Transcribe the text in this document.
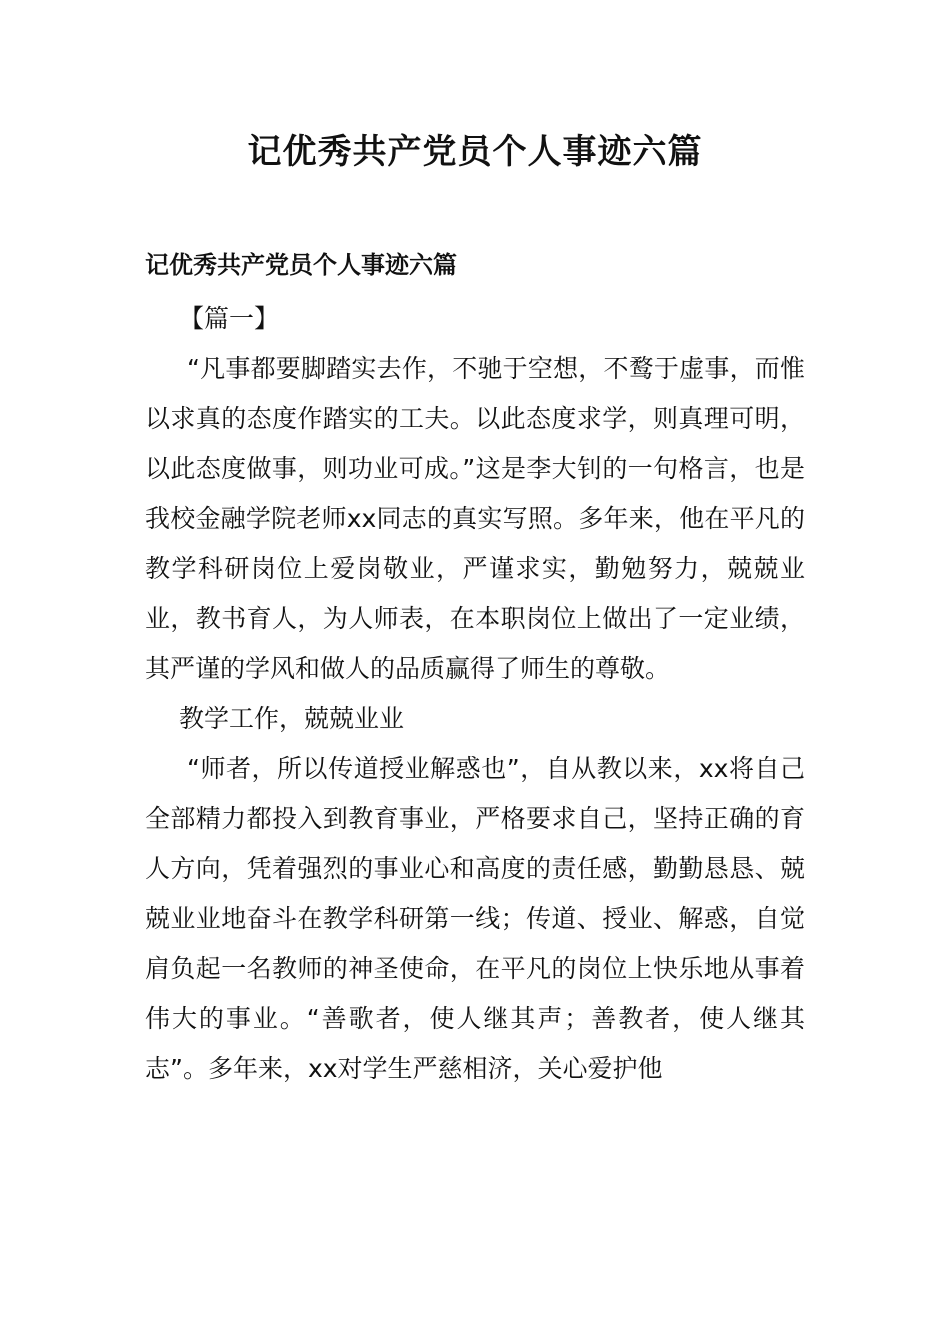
记优秀共产党员个人事迹六篇

记优秀共产党员个人事迹六篇

【篇一】

“凡事都要脚踏实去作，不驰于空想，不鹜于虚事，而惟以求真的态度作踏实的工夫。以此态度求学，则真理可明，以此态度做事，则功业可成。”这是李大钊的一句格言，也是我校金融学院老师xx同志的真实写照。多年来，他在平凡的教学科研岗位上爱岗敬业，严谨求实，勤勉努力，兢兢业业，教书育人，为人师表，在本职岗位上做出了一定业绩，其严谨的学风和做人的品质赢得了师生的尊敬。

教学工作，兢兢业业

“师者，所以传道授业解惑也”，自从教以来，xx将自己全部精力都投入到教育事业，严格要求自己，坚持正确的育人方向，凭着强烈的事业心和高度的责任感，勤勤恳恳、兢兢业业地奋斗在教学科研第一线；传道、授业、解惑，自觉肩负起一名教师的神圣使命，在平凡的岗位上快乐地从事着伟大的事业。“善歌者，使人继其声；善教者，使人继其志”。多年来，xx对学生严慈相济，关心爱护他
